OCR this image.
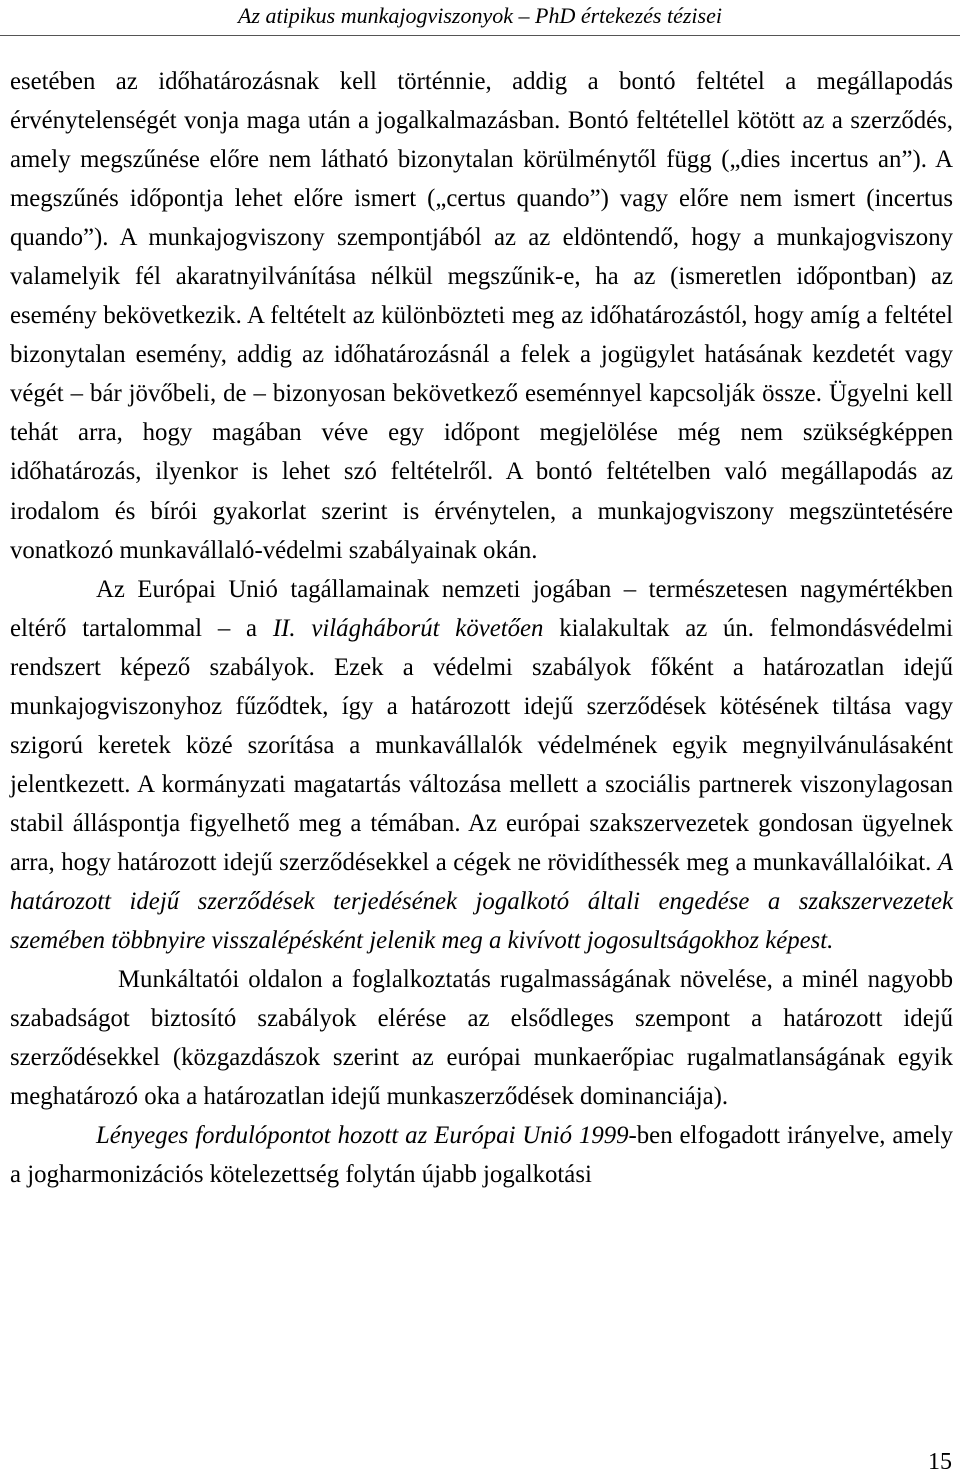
Az atipikus munkajogviszonyok – PhD értekezés tézisei

esetében az időhatározásnak kell történnie, addig a bontó feltétel a megállapodás érvénytelenségét vonja maga után a jogalkalmazásban. Bontó feltétellel kötött az a szerződés, amely megszűnése előre nem látható bizonytalan körülménytől függ („dies incertus an”). A megszűnés időpontja lehet előre ismert („certus quando”) vagy előre nem ismert (incertus quando”). A munkajogviszony szempontjából az az eldöntendő, hogy a munkajogviszony valamelyik fél akaratnyilvánítása nélkül megszűnik-e, ha az (ismeretlen időpontban) az esemény bekövetkezik. A feltételt az különbözteti meg az időhatározástól, hogy amíg a feltétel bizonytalan esemény, addig az időhatározásnál a felek a jogügylet hatásának kezdetét vagy végét – bár jövőbeli, de – bizonyosan bekövetkező eseménnyel kapcsolják össze. Ügyelni kell tehát arra, hogy magában véve egy időpont megjelölése még nem szükségképpen időhatározás, ilyenkor is lehet szó feltételről. A bontó feltételben való megállapodás az irodalom és bírói gyakorlat szerint is érvénytelen, a munkajogviszony megszüntetésére vonatkozó munkavállaló-védelmi szabályainak okán.

Az Európai Unió tagállamainak nemzeti jogában – természetesen nagymértékben eltérő tartalommal – a II. világháborút követően kialakultak az ún. felmondásvédelmi rendszert képező szabályok. Ezek a védelmi szabályok főként a határozatlan idejű munkajogviszonyhoz fűződtek, így a határozott idejű szerződések kötésének tiltása vagy szigorú keretek közé szorítása a munkavállalók védelmének egyik megnyilvánulásaként jelentkezett. A kormányzati magatartás változása mellett a szociális partnerek viszonylagosan stabil álláspontja figyelhető meg a témában. Az európai szakszervezetek gondosan ügyelnek arra, hogy határozott idejű szerződésekkel a cégek ne rövidíthessék meg a munkavállalóikat. A határozott idejű szerződések terjedésének jogalkotó általi engedése a szakszervezetek szemében többnyire visszalépésként jelenik meg a kivívott jogosultságokhoz képest.

Munkáltatói oldalon a foglalkoztatás rugalmasságának növelése, a minél nagyobb szabadságot biztosító szabályok elérése az elsődleges szempont a határozott idejű szerződésekkel (közgazdászok szerint az európai munkaerőpiac rugalmatlanságának egyik meghatározó oka a határozatlan idejű munkaszerződések dominanciája).

Lényeges fordulópontot hozott az Európai Unió 1999-ben elfogadott irányelve, amely a jogharmonizációs kötelezettség folytán újabb jogalkotási

15
